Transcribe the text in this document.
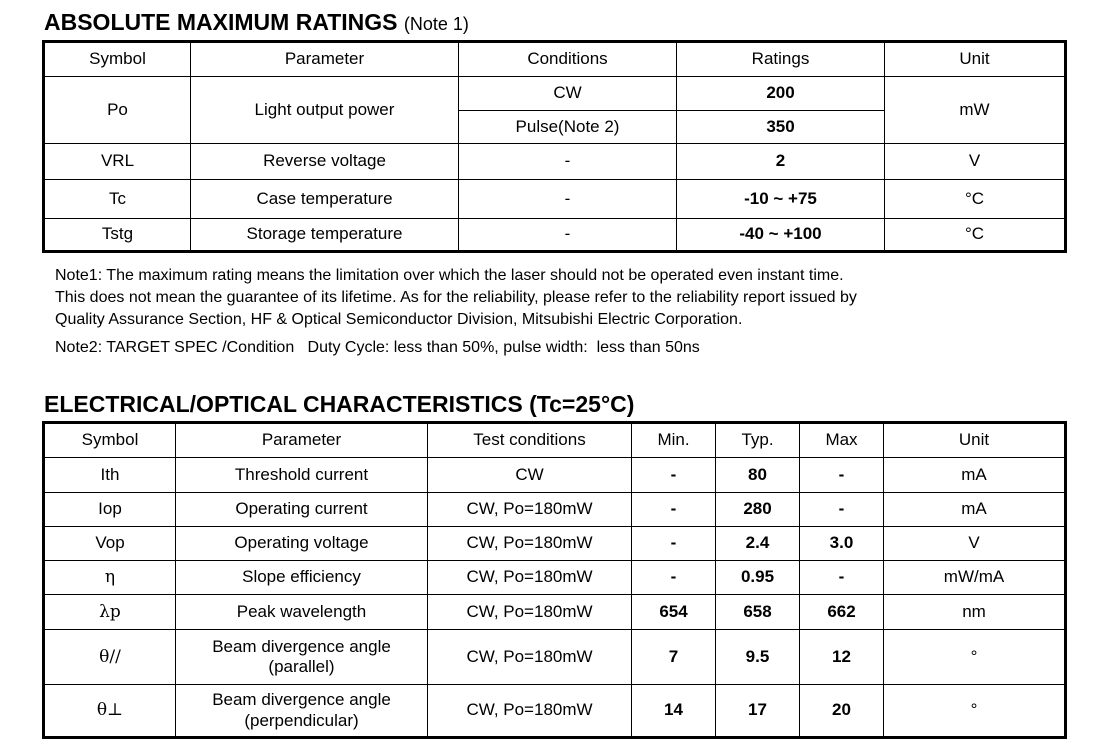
ABSOLUTE MAXIMUM RATINGS (Note 1)
Symbol	Parameter	Conditions	Ratings	Unit
Po	Light output power	CW	200	mW
		Pulse(Note 2)	350	
VRL	Reverse voltage	-	2	V
Tc	Case temperature	-	-10 ~ +75	°C
Tstg	Storage temperature	-	-40 ~ +100	°C

Note1: The maximum rating means the limitation over which the laser should not be operated even instant time.

This does not mean the guarantee of its lifetime. As for the reliability, please refer to the reliability report issued by

Quality Assurance Section, HF & Optical Semiconductor Division, Mitsubishi Electric Corporation.

Note2: TARGET SPEC /Condition   Duty Cycle: less than 50%, pulse width:  less than 50ns

ELECTRICAL/OPTICAL CHARACTERISTICS (Tc=25°C)
Symbol	Parameter	Test conditions	Min.	Typ.	Max	Unit
Ith	Threshold current	CW	-	80	-	mA
Iop	Operating current	CW, Po=180mW	-	280	-	mA
Vop	Operating voltage	CW, Po=180mW	-	2.4	3.0	V
η	Slope efficiency	CW, Po=180mW	-	0.95	-	mW/mA
λp	Peak wavelength	CW, Po=180mW	654	658	662	nm
θ//	Beam divergence angle
(parallel)	CW, Po=180mW	7	9.5	12	°
θ⊥	Beam divergence angle
(perpendicular)	CW, Po=180mW	14	17	20	°
